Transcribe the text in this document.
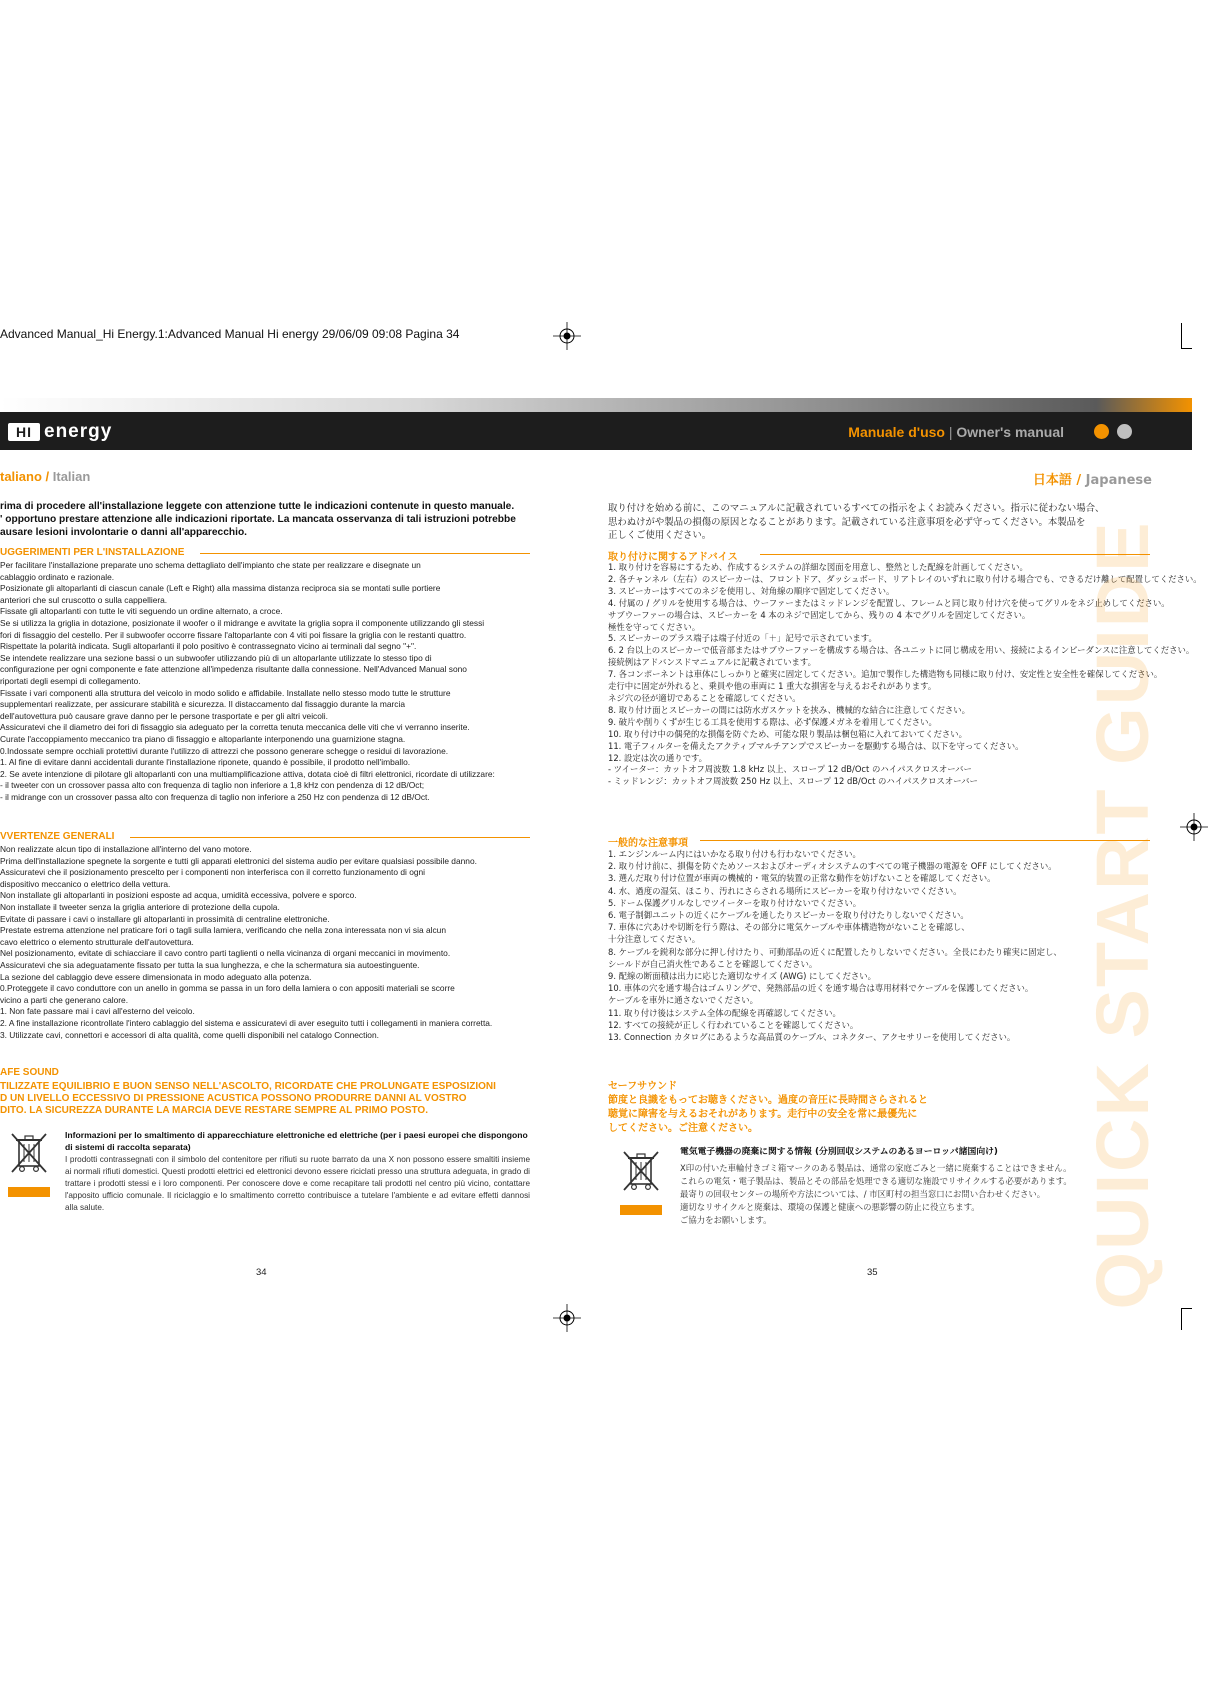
Advanced Manual_Hi Energy.1:Advanced Manual Hi energy 29/06/09 09:08 Pagina 34
HI energy	Manuale d'uso | Owner's manual
taliano / Italian	日本語 / Japanese
rima di procedere all'installazione leggete con attenzione tutte le indicazioni contenute in questo manuale.
' opportuno prestare attenzione alle indicazioni riportate. La mancata osservanza di tali istruzioni potrebbe
ausare lesioni involontarie o danni all'apparecchio.
UGGERIMENTI PER L'INSTALLAZIONE
Per facilitare l'installazione preparate uno schema dettagliato dell'impianto che state per realizzare e disegnate un
cablaggio ordinato e razionale.
Posizionate gli altoparlanti di ciascun canale (Left e Right) alla massima distanza reciproca sia se montati sulle portiere
anteriori che sul cruscotto o sulla cappelliera.
Fissate gli altoparlanti con tutte le viti seguendo un ordine alternato, a croce.
Se si utilizza la griglia in dotazione, posizionate il woofer o il midrange e avvitate la griglia sopra il componente utilizzando gli stessi
fori di fissaggio del cestello. Per il subwoofer occorre fissare l'altoparlante con 4 viti poi fissare la griglia con le restanti quattro.
Rispettate la polarità indicata. Sugli altoparlanti il polo positivo è contrassegnato vicino ai terminali dal segno "+".
Se intendete realizzare una sezione bassi o un subwoofer utilizzando più di un altoparlante utilizzate lo stesso tipo di
configurazione per ogni componente e fate attenzione all'impedenza risultante dalla connessione. Nell'Advanced Manual sono
riportati degli esempi di collegamento.
Fissate i vari componenti alla struttura del veicolo in modo solido e affidabile. Installate nello stesso modo tutte le strutture
supplementari realizzate, per assicurare stabilità e sicurezza. Il distaccamento dal fissaggio durante la marcia
dell'autovettura può causare grave danno per le persone trasportate e per gli altri veicoli.
Assicuratevi che il diametro dei fori di fissaggio sia adeguato per la corretta tenuta meccanica delle viti che vi verranno inserite.
Curate l'accoppiamento meccanico tra piano di fissaggio e altoparlante interponendo una guarnizione stagna.
0.Indossate sempre occhiali protettivi durante l'utilizzo di attrezzi che possono generare schegge o residui di lavorazione.
1. Al fine di evitare danni accidentali durante l'installazione riponete, quando è possibile, il prodotto nell'imballo.
2. Se avete intenzione di pilotare gli altoparlanti con una multiamplificazione attiva, dotata cioè di filtri elettronici, ricordate di utilizzare:
- il tweeter con un crossover passa alto con frequenza di taglio non inferiore a 1,8 kHz con pendenza di 12 dB/Oct;
- il midrange con un crossover passa alto con frequenza di taglio non inferiore a 250 Hz con pendenza di 12 dB/Oct.
VVERTENZE GENERALI
Non realizzate alcun tipo di installazione all'interno del vano motore.
Prima dell'installazione spegnete la sorgente e tutti gli apparati elettronici del sistema audio per evitare qualsiasi possibile danno.
Assicuratevi che il posizionamento prescelto per i componenti non interferisca con il corretto funzionamento di ogni
dispositivo meccanico o elettrico della vettura.
Non installate gli altoparlanti in posizioni esposte ad acqua, umidità eccessiva, polvere e sporco.
Non installate il tweeter senza la griglia anteriore di protezione della cupola.
Evitate di passare i cavi o installare gli altoparlanti in prossimità di centraline elettroniche.
Prestate estrema attenzione nel praticare fori o tagli sulla lamiera, verificando che nella zona interessata non vi sia alcun
cavo elettrico o elemento strutturale dell'autovettura.
Nel posizionamento, evitate di schiacciare il cavo contro parti taglienti o nella vicinanza di organi meccanici in movimento.
Assicuratevi che sia adeguatamente fissato per tutta la sua lunghezza, e che la schermatura sia autoestinguente.
La sezione del cablaggio deve essere dimensionata in modo adeguato alla potenza.
0.Proteggete il cavo conduttore con un anello in gomma se passa in un foro della lamiera o con appositi materiali se scorre
vicino a parti che generano calore.
1. Non fate passare mai i cavi all'esterno del veicolo.
2. A fine installazione ricontrollate l'intero cablaggio del sistema e assicuratevi di aver eseguito tutti i collegamenti in maniera corretta.
3. Utilizzate cavi, connettori e accessori di alta qualità, come quelli disponibili nel catalogo Connection.
AFE SOUND
TILIZZATE EQUILIBRIO E BUON SENSO NELL'ASCOLTO, RICORDATE CHE PROLUNGATE ESPOSIZIONI
D UN LIVELLO ECCESSIVO DI PRESSIONE ACUSTICA POSSONO PRODURRE DANNI AL VOSTRO
DITO. LA SICUREZZA DURANTE LA MARCIA DEVE RESTARE SEMPRE AL PRIMO POSTO.
Informazioni per lo smaltimento di apparecchiature elettroniche ed elettriche (per i paesi europei che dispongono di sistemi di raccolta separata)
I prodotti contrassegnati con il simbolo del contenitore per rifiuti su ruote barrato da una X non possono essere smaltiti insieme ai normali rifiuti domestici. Questi prodotti elettrici ed elettronici devono essere riciclati presso una struttura adeguata, in grado di trattare i prodotti stessi e i loro componenti. Per conoscere dove e come recapitare tali prodotti nel centro più vicino, contattare l'apposito ufficio comunale. Il riciclaggio e lo smaltimento corretto contribuisce a tutelare l'ambiente e ad evitare effetti dannosi alla salute.
34
取り付けを始める前に、このマニュアルに記載されているすべての指示をよくお読みください。指示に従わない場合、
思わぬけがや製品の損傷の原因となることがあります。記載されている注意事項を必ず守ってください。本製品を
正しくご使用ください。
取り付けに関するアドバイス
1. 取り付けを容易にするため、作成するシステムの詳細な図面を用意し、整然とした配線を計画してください。
2. 各チャンネル（左右）のスピーカーは、フロントドア、ダッシュボード、リアトレイのいずれに取り付ける場合でも、できるだけ離して配置してください。
3. スピーカーはすべてのネジを使用し、対角線の順序で固定してください。
4. 付属の / グリルを使用する場合は、ウーファーまたはミッドレンジを配置し、フレームと同じ取り付け穴を使ってグリルをネジ止めしてください。
サブウーファーの場合は、スピーカーを 4 本のネジで固定してから、残りの 4 本でグリルを固定してください。
極性を守ってください。
5. スピーカーのプラス端子は端子付近の「＋」記号で示されています。
6. 2 台以上のスピーカーで低音部またはサブウーファーを構成する場合は、各ユニットに同じ構成を用い、接続によるインピーダンスに注意してください。
接続例はアドバンスドマニュアルに記載されています。
7. 各コンポーネントは車体にしっかりと確実に固定してください。追加で製作した構造物も同様に取り付け、安定性と安全性を確保してください。
走行中に固定が外れると、乗員や他の車両に 1 重大な損害を与えるおそれがあります。
ネジ穴の径が適切であることを確認してください。
8. 取り付け面とスピーカーの間には防水ガスケットを挟み、機械的な結合に注意してください。
9. 破片や削りくずが生じる工具を使用する際は、必ず保護メガネを着用してください。
10. 取り付け中の偶発的な損傷を防ぐため、可能な限り製品は梱包箱に入れておいてください。
11. 電子フィルターを備えたアクティブマルチアンプでスピーカーを駆動する場合は、以下を守ってください。
12. 設定は次の通りです。
- ツイーター：カットオフ周波数 1.8 kHz 以上、スロープ 12 dB/Oct のハイパスクロスオーバー
- ミッドレンジ：カットオフ周波数 250 Hz 以上、スロープ 12 dB/Oct のハイパスクロスオーバー
一般的な注意事項
1. エンジンルーム内にはいかなる取り付けも行わないでください。
2. 取り付け前に、損傷を防ぐためソースおよびオーディオシステムのすべての電子機器の電源を OFF にしてください。
3. 選んだ取り付け位置が車両の機械的・電気的装置の正常な動作を妨げないことを確認してください。
4. 水、過度の湿気、ほこり、汚れにさらされる場所にスピーカーを取り付けないでください。
5. ドーム保護グリルなしでツイーターを取り付けないでください。
6. 電子制御ユニットの近くにケーブルを通したりスピーカーを取り付けたりしないでください。
7. 車体に穴あけや切断を行う際は、その部分に電気ケーブルや車体構造物がないことを確認し、
十分注意してください。
8. ケーブルを鋭利な部分に押し付けたり、可動部品の近くに配置したりしないでください。全長にわたり確実に固定し、
シールドが自己消火性であることを確認してください。
9. 配線の断面積は出力に応じた適切なサイズ (AWG) にしてください。
10. 車体の穴を通す場合はゴムリングで、発熱部品の近くを通す場合は専用材料でケーブルを保護してください。
ケーブルを車外に通さないでください。
11. 取り付け後はシステム全体の配線を再確認してください。
12. すべての接続が正しく行われていることを確認してください。
13. Connection カタログにあるような高品質のケーブル、コネクター、アクセサリーを使用してください。
セーフサウンド
節度と良識をもってお聴きください。過度の音圧に長時間さらされると
聴覚に障害を与えるおそれがあります。走行中の安全を常に最優先に
してください。ご注意ください。
電気電子機器の廃棄に関する情報 (分別回収システムのあるヨーロッパ諸国向け)
X印の付いた車輪付きゴミ箱マークのある製品は、通常の家庭ごみと一緒に廃棄することはできません。
これらの電気・電子製品は、製品とその部品を処理できる適切な施設でリサイクルする必要があります。
最寄りの回収センターの場所や方法については、/ 市区町村の担当窓口にお問い合わせください。
適切なリサイクルと廃棄は、環境の保護と健康への悪影響の防止に役立ちます。
ご協力をお願いします。
35	QUICK START GUIDE
